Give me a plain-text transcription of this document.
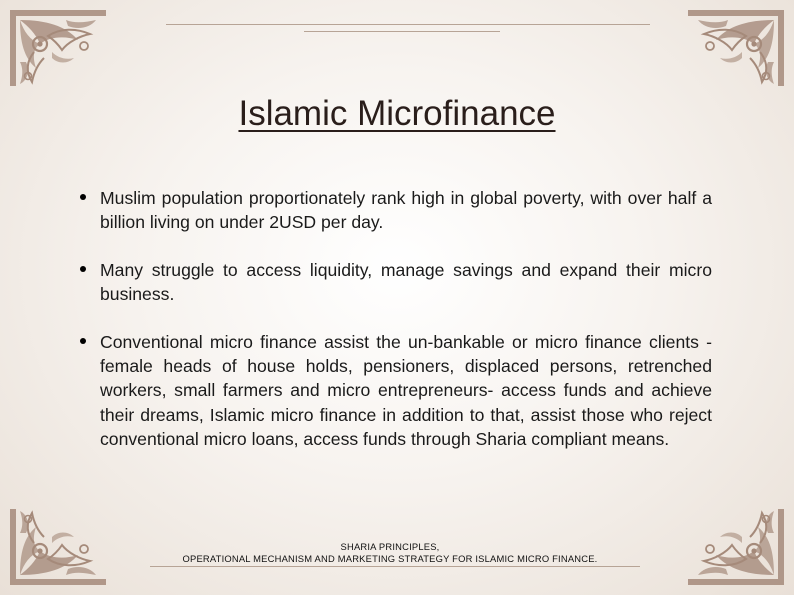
Islamic Microfinance
Muslim population proportionately rank high in global poverty, with over half a billion living on under 2USD per day.
Many struggle to access liquidity, manage savings and expand their micro business.
Conventional micro finance assist the un-bankable or micro finance clients -female heads of house holds, pensioners, displaced persons, retrenched workers, small farmers and micro entrepreneurs- access funds and achieve their dreams, Islamic micro finance in addition to that, assist those who reject conventional micro loans, access funds through Sharia compliant means.
SHARIA PRINCIPLES,
OPERATIONAL MECHANISM AND MARKETING STRATEGY FOR ISLAMIC MICRO FINANCE.
